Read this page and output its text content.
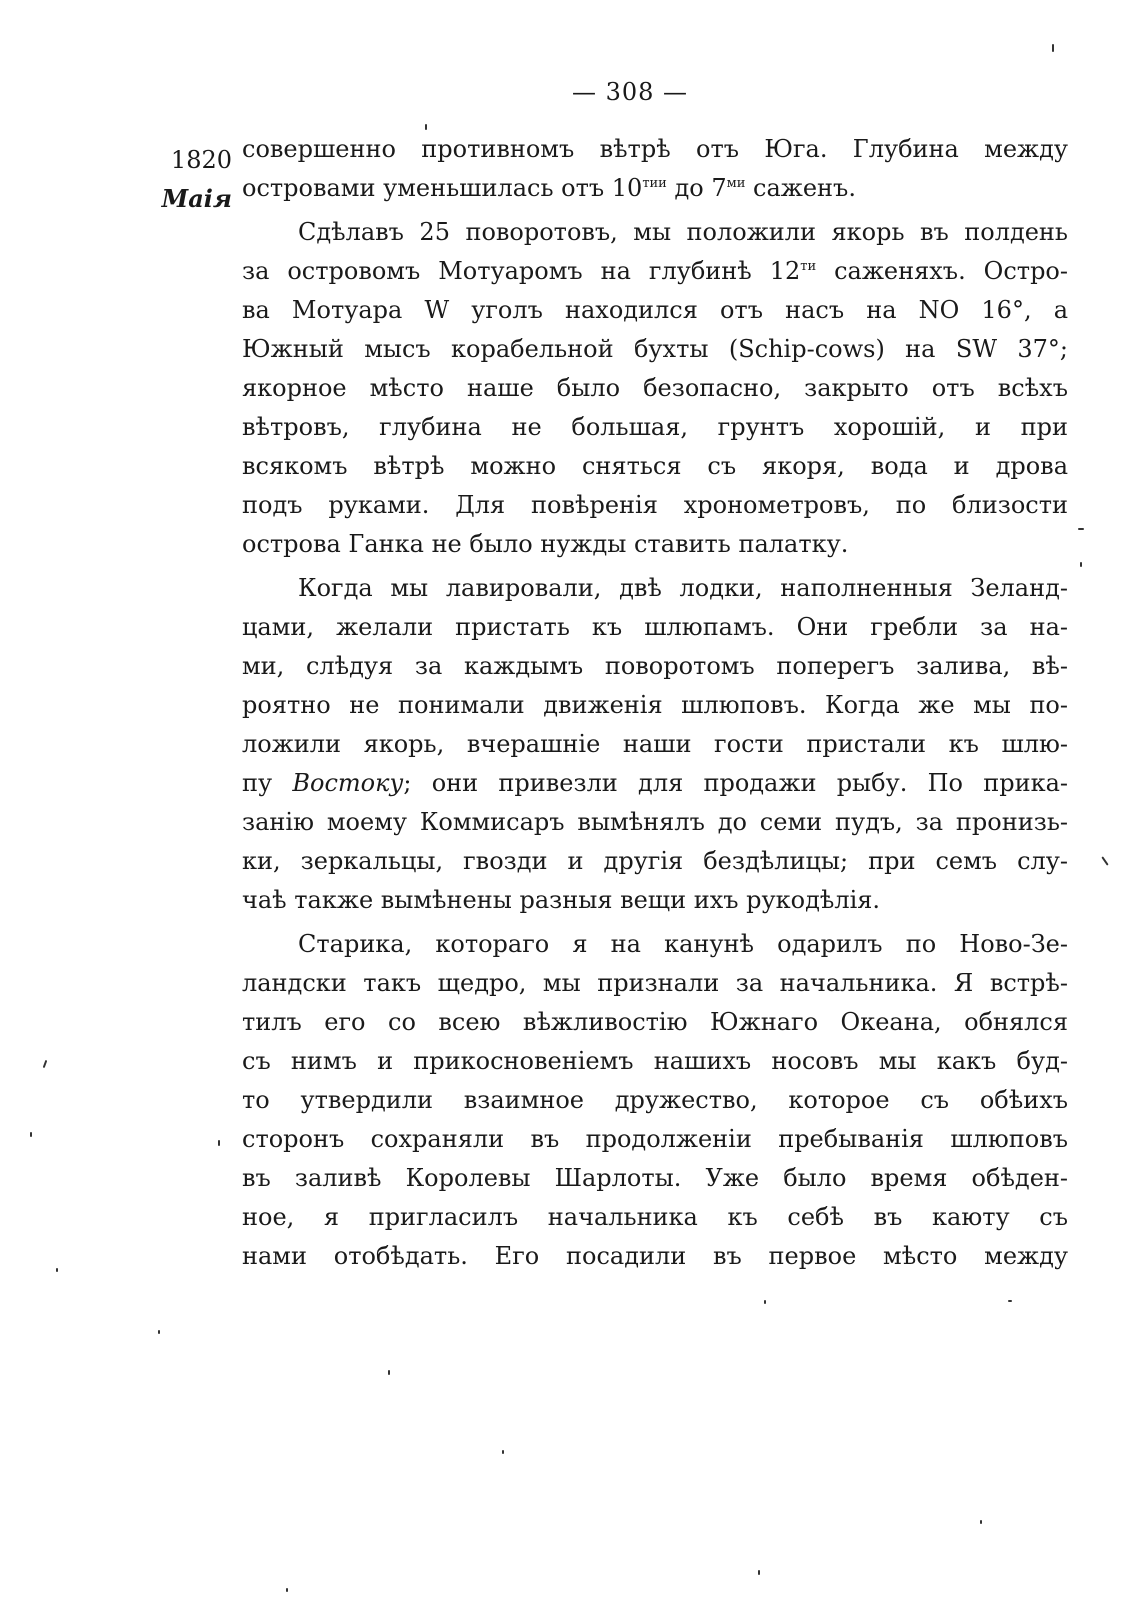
— 308 —
1820
Маія
совершенно противномъ вѣтрѣ отъ Юга. Глубина между
островами уменьшилась отъ $10^{тии}$ до $7^{ми}$ саженъ.
Сдѣлавъ 25 поворотовъ, мы положили якорь въ полдень
за островомъ Мотуаромъ на глубинѣ $12^{ти}$ саженяхъ. Остро-
ва Мотуара W уголъ находился отъ насъ на NO 16°, а
Южный мысъ корабельной бухты (Schip-cows) на SW 37°;
якорное мѣсто наше было безопасно, закрыто отъ всѣхъ
вѣтровъ, глубина не большая, грунтъ хорошій, и при
всякомъ вѣтрѣ можно сняться съ якоря, вода и дрова
подъ руками. Для повѣренія хронометровъ, по близости
острова Ганка не было нужды ставить палатку.
Когда мы лавировали, двѣ лодки, наполненныя Зеланд-
цами, желали пристать къ шлюпамъ. Они гребли за на-
ми, слѣдуя за каждымъ поворотомъ поперегъ залива, вѣ-
роятно не понимали движенія шлюповъ. Когда же мы по-
ложили якорь, вчерашніе наши гости пристали къ шлю-
пу Востоку; они привезли для продажи рыбу. По прика-
занію моему Коммисаръ вымѣнялъ до семи пудъ, за пронизь-
ки, зеркальцы, гвозди и другія бездѣлицы; при семъ слу-
чаѣ также вымѣнены разныя вещи ихъ рукодѣлія.
Старика, котораго я на канунѣ одарилъ по Ново-Зе-
ландски такъ щедро, мы признали за начальника. Я встрѣ-
тилъ его со всею вѣжливостію Южнаго Океана, обнялся
съ нимъ и прикосновеніемъ нашихъ носовъ мы какъ буд-
то утвердили взаимное дружество, которое съ обѣихъ
сторонъ сохраняли въ продолженіи пребыванія шлюповъ
въ заливѣ Королевы Шарлоты. Уже было время обѣден-
ное, я пригласилъ начальника къ себѣ въ каюту съ
нами отобѣдать. Его посадили въ первое мѣсто между
